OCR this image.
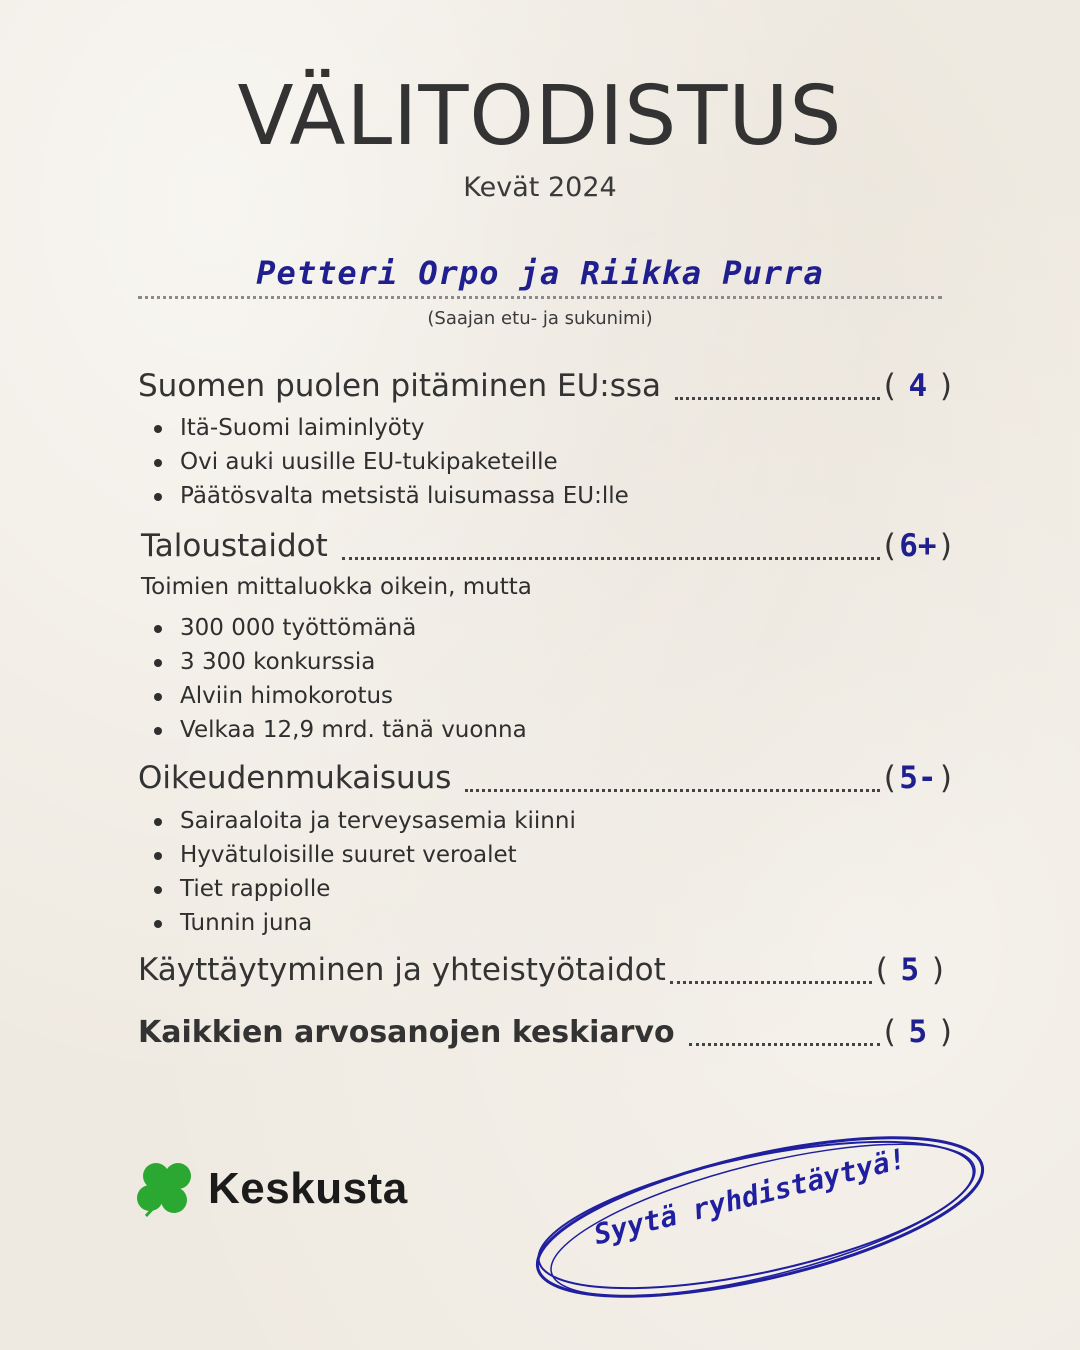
VÄLITODISTUS
Kevät 2024
Petteri Orpo ja Riikka Purra
(Saajan etu- ja sukunimi)
Suomen puolen pitäminen EU:ssa	( 4 )
Itä-Suomi laiminlyöty
Ovi auki uusille EU-tukipaketeille
Päätösvalta metsistä luisumassa EU:lle
Taloustaidot	( 6+ )
Toimien mittaluokka oikein, mutta
300 000 työttömänä
3 300 konkurssia
Alviin himokorotus
Velkaa 12,9 mrd. tänä vuonna
Oikeudenmukaisuus	( 5- )
Sairaaloita ja terveysasemia kiinni
Hyvätuloisille suuret veroalet
Tiet rappiolle
Tunnin juna
Käyttäytyminen ja yhteistyötaidot	( 5 )
Kaikkien arvosanojen keskiarvo	( 5 )
Keskusta	Syytä ryhdistäytyä!
